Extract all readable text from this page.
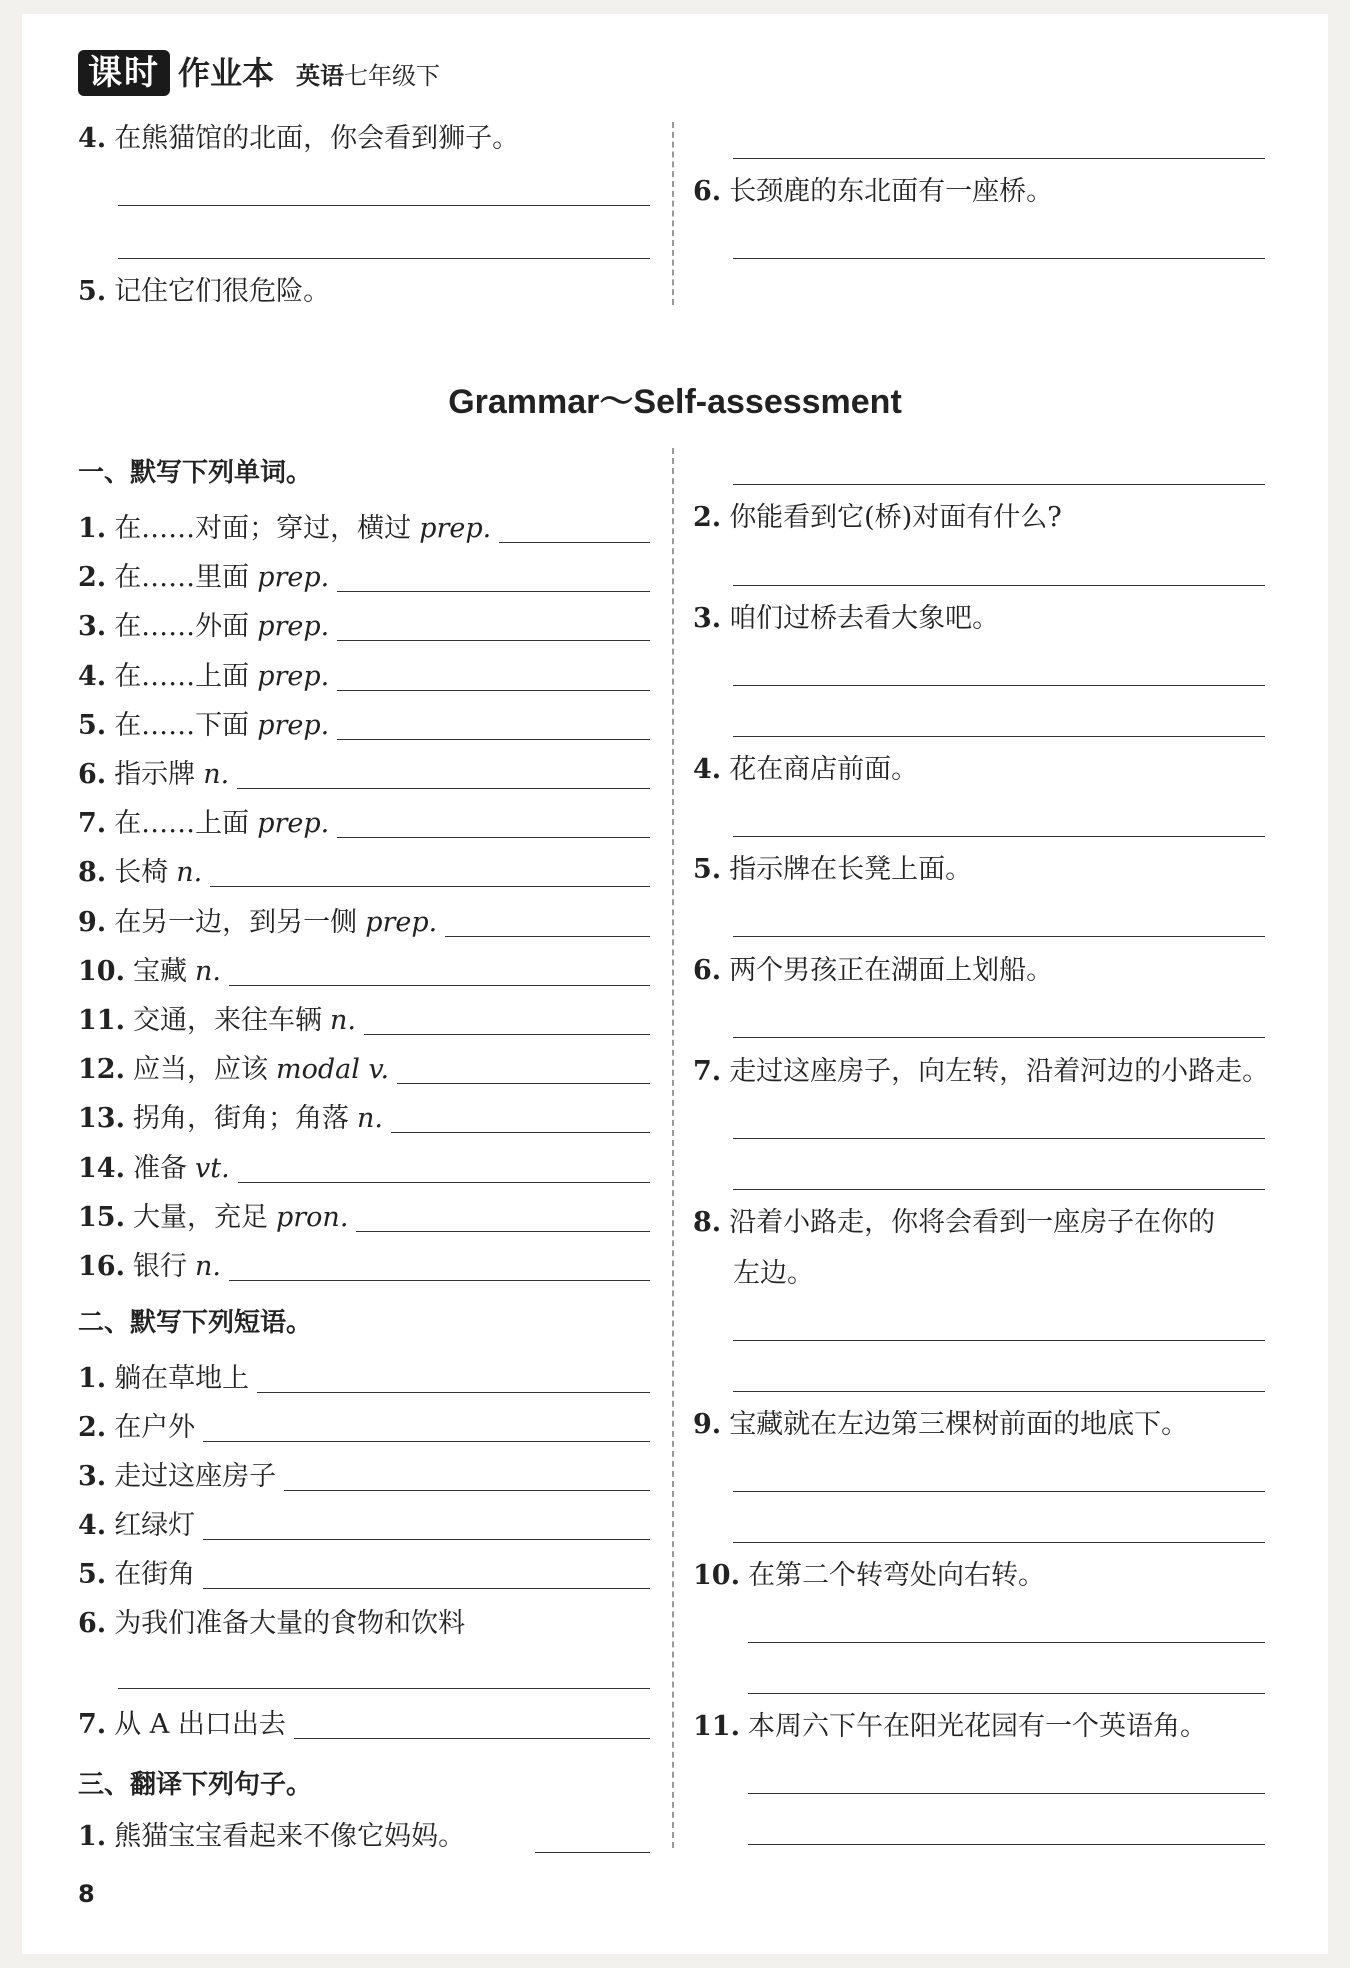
课时 作业本 英语 七年级下
4. 在熊猫馆的北面，你会看到狮子。
5. 记住它们很危险。
6. 长颈鹿的东北面有一座桥。
Grammar～Self-assessment
一、默写下列单词。
1. 在……对面；穿过，横过 prep.
2. 在……里面 prep.
3. 在……外面 prep.
4. 在……上面 prep.
5. 在……下面 prep.
6. 指示牌 n.
7. 在……上面 prep.
8. 长椅 n.
9. 在另一边，到另一侧 prep.
10. 宝藏 n.
11. 交通，来往车辆 n.
12. 应当，应该 modal v.
13. 拐角，街角；角落 n.
14. 准备 vt.
15. 大量，充足 pron.
16. 银行 n.
二、默写下列短语。
1. 躺在草地上
2. 在户外
3. 走过这座房子
4. 红绿灯
5. 在街角
6. 为我们准备大量的食物和饮料
7. 从 A 出口出去
三、翻译下列句子。
1. 熊猫宝宝看起来不像它妈妈。
2. 你能看到它(桥)对面有什么?
3. 咱们过桥去看大象吧。
4. 花在商店前面。
5. 指示牌在长凳上面。
6. 两个男孩正在湖面上划船。
7. 走过这座房子，向左转，沿着河边的小路走。
8. 沿着小路走，你将会看到一座房子在你的
左边。
9. 宝藏就在左边第三棵树前面的地底下。
10. 在第二个转弯处向右转。
11. 本周六下午在阳光花园有一个英语角。
8
